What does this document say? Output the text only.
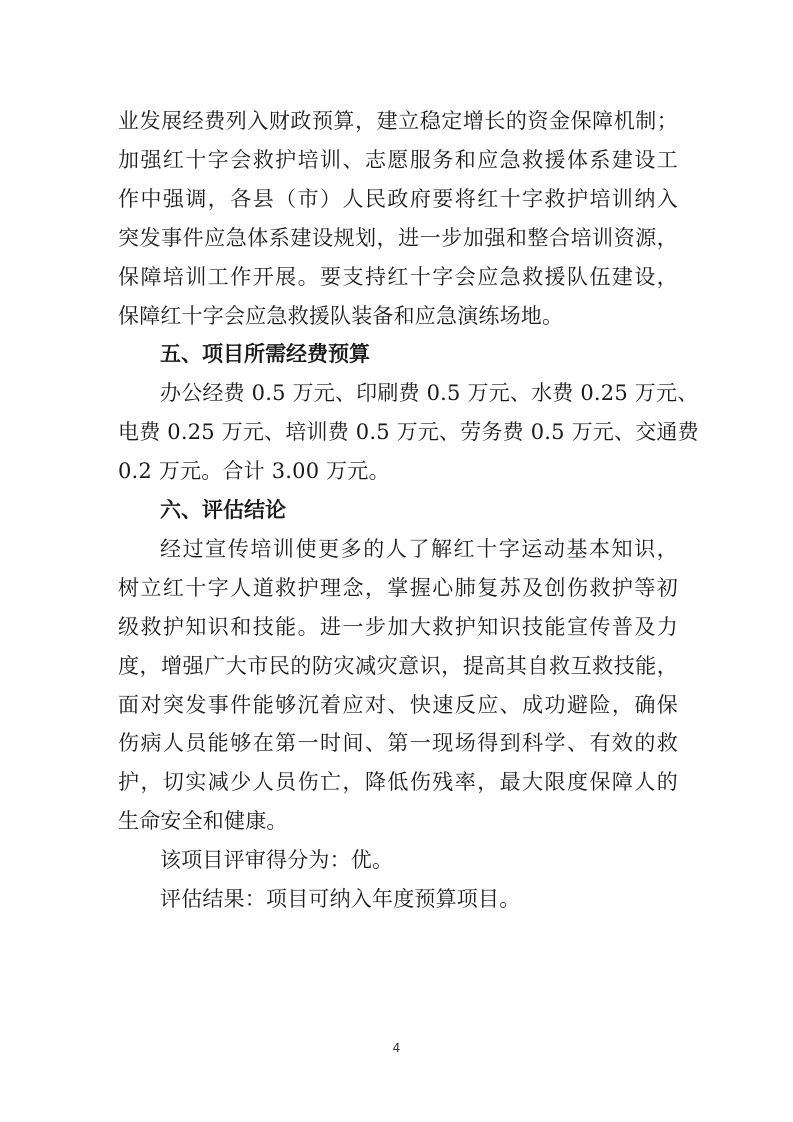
业发展经费列入财政预算，建立稳定增长的资金保障机制；
加强红十字会救护培训、志愿服务和应急救援体系建设工
作中强调，各县（市）人民政府要将红十字救护培训纳入
突发事件应急体系建设规划，进一步加强和整合培训资源，
保障培训工作开展。要支持红十字会应急救援队伍建设，
保障红十字会应急救援队装备和应急演练场地。
五、项目所需经费预算
办公经费 0.5 万元、印刷费 0.5 万元、水费 0.25 万元、
电费 0.25 万元、培训费 0.5 万元、劳务费 0.5 万元、交通费
0.2 万元。合计 3.00 万元。
六、评估结论
经过宣传培训使更多的人了解红十字运动基本知识，
树立红十字人道救护理念，掌握心肺复苏及创伤救护等初
级救护知识和技能。进一步加大救护知识技能宣传普及力
度，增强广大市民的防灾减灾意识，提高其自救互救技能，
面对突发事件能够沉着应对、快速反应、成功避险，确保
伤病人员能够在第一时间、第一现场得到科学、有效的救
护，切实减少人员伤亡，降低伤残率，最大限度保障人的
生命安全和健康。
该项目评审得分为：优。
评估结果：项目可纳入年度预算项目。
4
